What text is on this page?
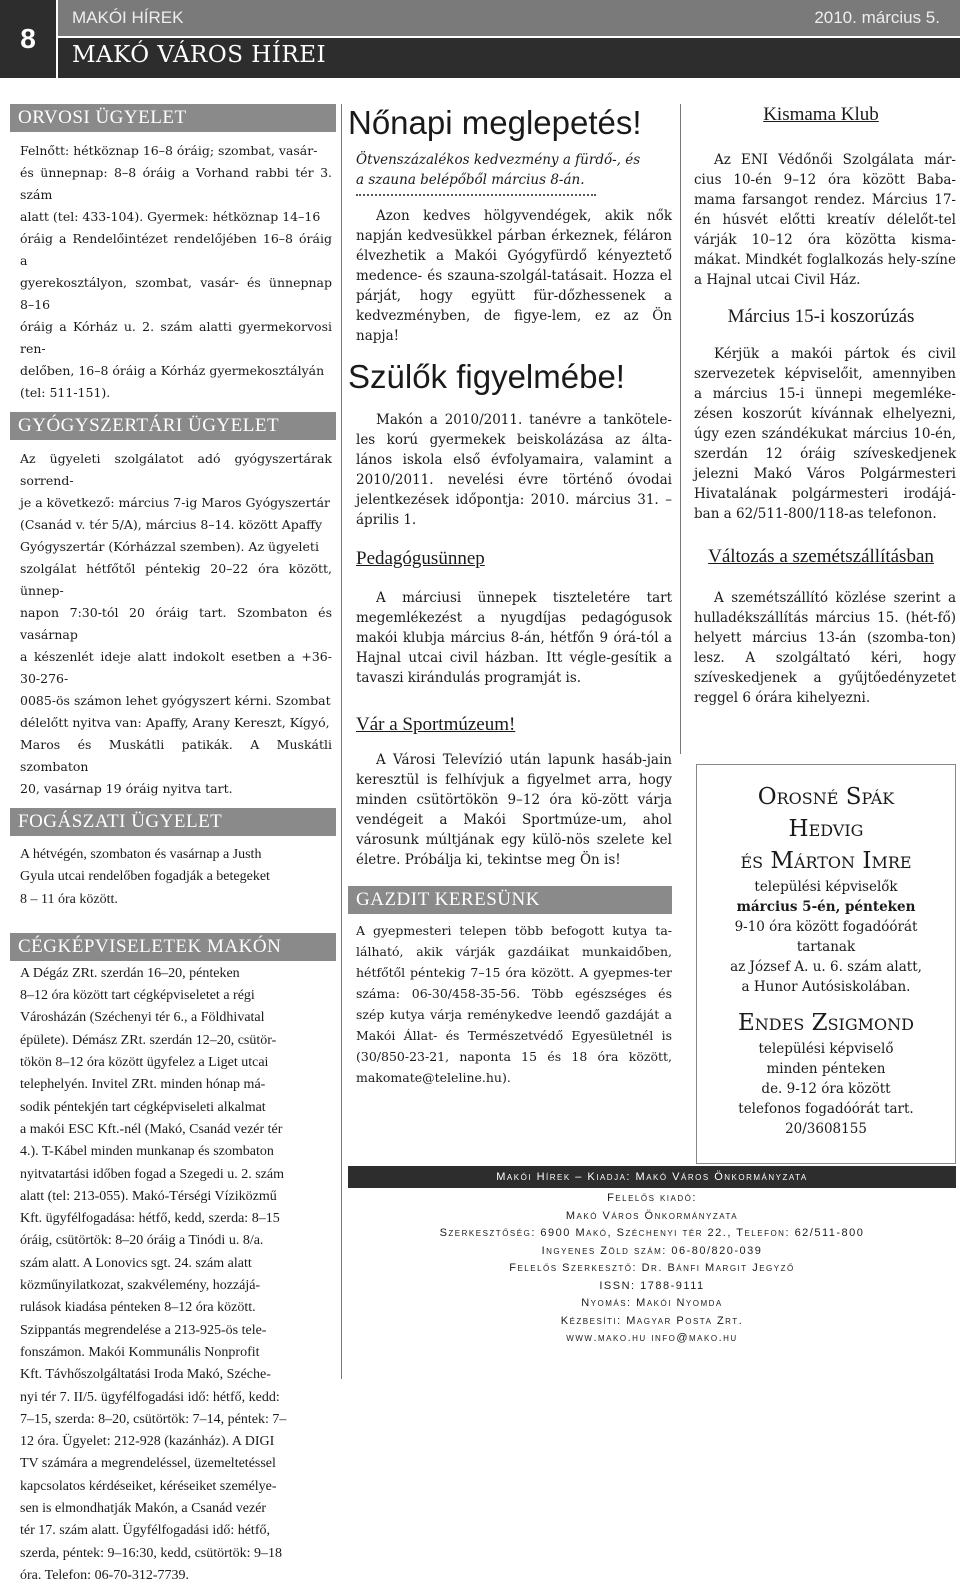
8
MAKÓI HÍREK	2010. március 5.
MAKÓ VÁROS HÍREI
ORVOSI ÜGYELET

Felnőtt: hétköznap 16–8 óráig; szombat, vasár-

és ünnepnap: 8–8 óráig a Vorhand rabbi tér 3. szám

alatt (tel: 433-104). Gyermek: hétköznap 14–16

óráig a Rendelőintézet rendelőjében 16–8 óráig a

gyerekosztályon, szombat, vasár- és ünnepnap 8–16

óráig a Kórház u. 2. szám alatti gyermekorvosi ren-

delőben, 16–8 óráig a Kórház gyermekosztályán

(tel: 511-151).

GYÓGYSZERTÁRI ÜGYELET

Az ügyeleti szolgálatot adó gyógyszertárak sorrend-

je a következő: március 7-ig Maros Gyógyszertár

(Csanád v. tér 5/A), március 8–14. között Apaffy

Gyógyszertár (Kórházzal szemben). Az ügyeleti

szolgálat hétfőtől péntekig 20–22 óra között, ünnep-

napon 7:30-tól 20 óráig tart. Szombaton és vasárnap

a készenlét ideje alatt indokolt esetben a +36-30-276-

0085-ös számon lehet gyógyszert kérni. Szombat

délelőtt nyitva van: Apaffy, Arany Kereszt, Kígyó,

Maros és Muskátli patikák. A Muskátli szombaton

20, vasárnap 19 óráig nyitva tart.

FOGÁSZATI ÜGYELET

A hétvégén, szombaton és vasárnap a Justh

Gyula utcai rendelőben fogadják a betegeket

8 – 11 óra között.

CÉGKÉPVISELETEK MAKÓN

A Dégáz ZRt. szerdán 16–20, pénteken

8–12 óra között tart cégképviseletet a régi

Városházán (Széchenyi tér 6., a Földhivatal

épülete). Démász ZRt. szerdán 12–20, csütör-

tökön 8–12 óra között ügyfelez a Liget utcai

telephelyén. Invitel ZRt. minden hónap má-

sodik péntekjén tart cégképviseleti alkalmat

a makói ESC Kft.-nél (Makó, Csanád vezér tér

4.). T-Kábel minden munkanap és szombaton

nyitvatartási időben fogad a Szegedi u. 2. szám

alatt (tel: 213-055). Makó-Térségi Víziközmű

Kft. ügyfélfogadása: hétfő, kedd, szerda: 8–15

óráig, csütörtök: 8–20 óráig a Tinódi u. 8/a.

szám alatt. A Lonovics sgt. 24. szám alatt

közműnyilatkozat, szakvélemény, hozzájá-

rulások kiadása pénteken 8–12 óra között.

Szippantás megrendelése a 213-925-ös tele-

fonszámon. Makói Kommunális Nonprofit

Kft. Távhőszolgáltatási Iroda Makó, Széche-

nyi tér 7. II/5. ügyfélfogadási idő: hétfő, kedd:

7–15, szerda: 8–20, csütörtök: 7–14, péntek: 7–

12 óra. Ügyelet: 212-928 (kazánház). A DIGI

TV számára a megrendeléssel, üzemeltetéssel

kapcsolatos kérdéseiket, kéréseiket személye-

sen is elmondhatják Makón, a Csanád vezér

tér 17. szám alatt. Ügyfélfogadási idő: hétfő,

szerda, péntek: 9–16:30, kedd, csütörtök: 9–18

óra. Telefon: 06-70-312-7739.

Nőnapi meglepetés!
Ötvenszázalékos kedvezmény a fürdő-, és
a szauna belépőből március 8-án.

Azon kedves hölgyvendégek, akik nők napján kedvesükkel párban érkeznek, féláron élvezhetik a Makói Gyógyfürdő kényeztető medence- és szauna-szolgál-tatásait. Hozza el párját, hogy együtt für-dőzhessenek a kedvezményben, de figye-lem, ez az Ön napja!

Szülők figyelmébe!

Makón a 2010/2011. tanévre a tankötele-les korú gyermekek beiskolázása az álta-lános iskola első évfolyamaira, valamint a 2010/2011. nevelési évre történő óvodai jelentkezések időpontja: 2010. március 31. – április 1.

Pedagógusünnep

A márciusi ünnepek tiszteletére tart megemlékezést a nyugdíjas pedagógusok makói klubja március 8-án, hétfőn 9 órá-tól a Hajnal utcai civil házban. Itt végle-gesítik a tavaszi kirándulás programját is.

Vár a Sportmúzeum!

A Városi Televízió után lapunk hasáb-jain keresztül is felhívjuk a figyelmet arra, hogy minden csütörtökön 9–12 óra kö-zött várja vendégeit a Makói Sportmúze-um, ahol városunk múltjának egy külö-nös szelete kel életre. Próbálja ki, tekintse meg Ön is!

GAZDIT KERESÜNK

A gyepmesteri telepen több befogott kutya ta-lálható, akik várják gazdáikat munkaidőben, hétfőtől péntekig 7–15 óra között. A gyepmes-ter száma: 06-30/458-35-56. Több egészséges és szép kutya várja reménykedve leendő gazdáját a Makói Állat- és Természetvédő Egyesületnél is (30/850-23-21, naponta 15 és 18 óra között, makomate@teleline.hu).

Kismama Klub

Az ENI Védőnői Szolgálata már-cius 10-én 9–12 óra között Baba-mama farsangot rendez. Március 17-én húsvét előtti kreatív délelőt-tel várják 10–12 óra közötta kisma-mákat. Mindkét foglalkozás hely-színe a Hajnal utcai Civil Ház.

Március 15-i koszorúzás

Kérjük a makói pártok és civil szervezetek képviselőit, amennyiben a március 15-i ünnepi megemléke-zésen koszorút kívánnak elhelyezni, úgy ezen szándékukat március 10-én, szerdán 12 óráig szíveskedjenek jelezni Makó Város Polgármesteri Hivatalának polgármesteri irodájá-ban a 62/511-800/118-as telefonon.

Változás a szemétszállításban

A szemétszállító közlése szerint a hulladékszállítás március 15. (hét-fő) helyett március 13-án (szomba-ton) lesz. A szolgáltató kéri, hogy szíveskedjenek a gyűjtőedényzetet reggel 6 órára kihelyezni.

Orosné Spák
Hedvig
és Márton Imre
települési képviselők
március 5-én, pénteken
9-10 óra között fogadóórát
tartanak
az József A. u. 6. szám alatt,
a Hunor Autósiskolában.
Endes Zsigmond
települési képviselő
minden pénteken
de. 9-12 óra között
telefonos fogadóórát tart.
20/3608155
Makói Hírek – Kiadja: Makó Város Önkormányzata
Felelős kiadó:
Makó Város Önkormányzata
Szerkesztőség: 6900 Makó, Széchenyi tér 22., Telefon: 62/511-800
Ingyenes Zöld szám: 06-80/820-039
Felelős Szerkesztő: Dr. Bánfi Margit Jegyző
ISSN: 1788-9111
Nyomás: Makói Nyomda
Kézbesíti: Magyar Posta Zrt.
www.mako.hu info@mako.hu
